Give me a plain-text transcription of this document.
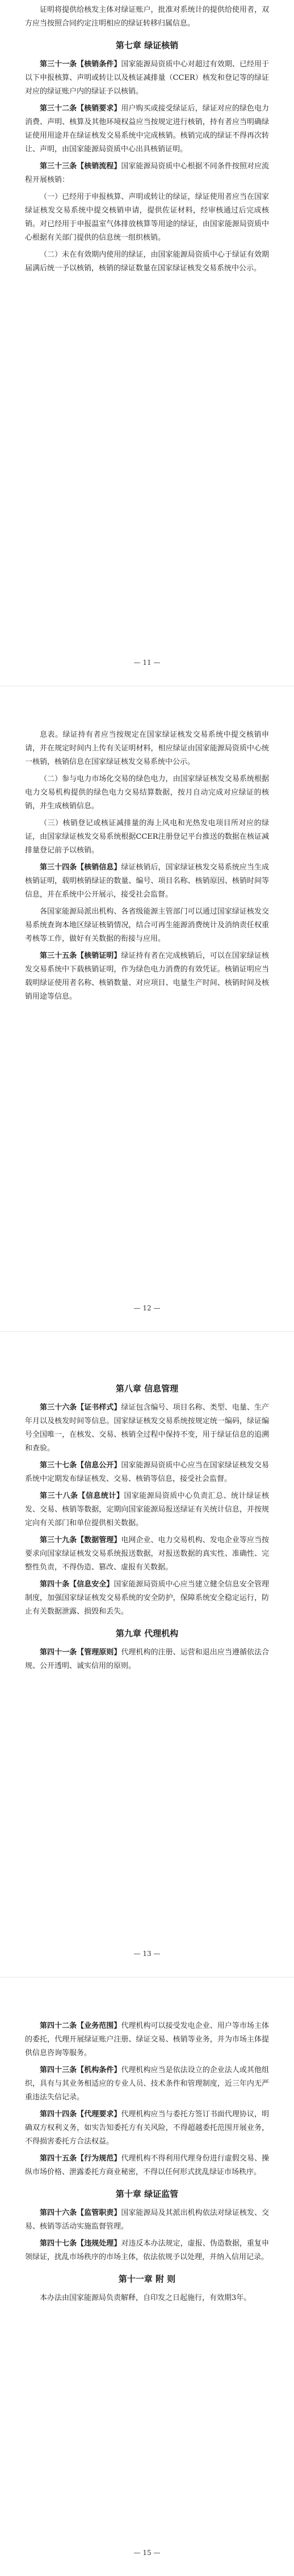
证明将提供给核发主体对绿证账户，批准对系统计的提供给使用者，双方应当按照合同约定注明相应的绿证转移归属信息。

第七章 绿证核销

第三十一条【核销条件】国家能源局资质中心对超过有效期、已经用于以下申报核算、声明或转让以及核证减排量（CCER）核发和登记等的绿证对应的绿证账户内的绿证予以核销。

第三十二条【核销要求】用户购买或接受绿证后，绿证对应的绿色电力消费、声明、核算及其他环境权益应当按规定进行核销，持有者应当明确绿证使用用途并在绿证核发交易系统中完成核销。核销完成的绿证不得再次转让、声明，由国家能源局资质中心出具核销证明。

第三十三条【核销流程】国家能源局资质中心根据不同条件按照对应流程开展核销：

（一）已经用于申报核算、声明或转让的绿证，绿证使用者应当在国家绿证核发交易系统中提交核销申请，提供佐证材料，经审核通过后完成核销。对已经用于申报温室气体排放核算等用途的绿证，由国家能源局资质中心根据有关部门提供的信息统一组织核销。

（二）未在有效期内使用的绿证，由国家能源局资质中心于绿证有效期届满后统一予以核销，核销的绿证数量在国家绿证核发交易系统中公示。

— 11 —

息表。绿证持有者应当按规定在国家绿证核发交易系统中提交核销申请，并在规定时间内上传有关证明材料，相应绿证由国家能源局资质中心统一核销，核销信息在国家绿证核发交易系统中公示。

（二）参与电力市场化交易的绿色电力，由国家绿证核发交易系统根据电力交易机构提供的绿色电力交易结算数据，按月自动完成对应绿证的核销，并生成核销信息。

（三）核销登记或核证减排量的海上风电和光热发电项目所对应的绿证，由国家绿证核发交易系统根据CCER注册登记平台推送的数据在核证减排量登记前予以核销。

第三十四条【核销信息】绿证核销后，国家绿证核发交易系统应当生成核销证明，载明核销绿证的数量、编号、项目名称、核销原因、核销时间等信息，并在系统中公开展示，接受社会监督。

各国家能源局派出机构、各省级能源主管部门可以通过国家绿证核发交易系统查询本地区绿证核销情况，结合可再生能源消费统计及消纳责任权重考核等工作，做好有关数据的衔接与应用。

第三十五条【核销证明】绿证持有者在完成核销后，可以在国家绿证核发交易系统中下载核销证明，作为绿色电力消费的有效凭证。核销证明应当载明绿证使用者名称、核销数量、对应项目、电量生产时间、核销时间及核销用途等信息。

— 12 —
第八章 信息管理

第三十六条【证书样式】绿证包含编号、项目名称、类型、电量、生产年月以及核发时间等信息。国家绿证核发交易系统按规定统一编码，绿证编号全国唯一，在核发、交易、核销全过程中保持不变，用于绿证信息的追溯和查验。

第三十七条【信息公开】国家能源局资质中心应当在国家绿证核发交易系统中定期发布绿证核发、交易、核销等信息，接受社会监督。

第三十八条【信息统计】国家能源局资质中心负责汇总、统计绿证核发、交易、核销等数据，定期向国家能源局报送绿证有关统计信息，并按规定向有关部门和单位提供相关数据。

第三十九条【数据管理】电网企业、电力交易机构、发电企业等应当按要求向国家绿证核发交易系统报送数据，对报送数据的真实性、准确性、完整性负责，不得伪造、篡改、虚报有关数据。

第四十条【信息安全】国家能源局资质中心应当建立健全信息安全管理制度，加强国家绿证核发交易系统的安全防护，保障系统安全稳定运行，防止有关数据泄露、损毁和丢失。

第九章 代理机构

第四十一条【管理原则】代理机构的注册、运营和退出应当遵循依法合规、公开透明、诚实信用的原则。

— 13 —

第四十二条【业务范围】代理机构可以接受发电企业、用户等市场主体的委托，代理开展绿证账户注册、绿证交易、核销等业务，并为市场主体提供信息咨询等服务。

第四十三条【机构条件】代理机构应当是依法设立的企业法人或其他组织，具有与其业务相适应的专业人员、技术条件和管理制度，近三年内无严重违法失信记录。

第四十四条【代理要求】代理机构应当与委托方签订书面代理协议，明确双方权利义务，如实告知委托方有关风险，不得超越委托范围开展业务，不得损害委托方合法权益。

第四十五条【行为规范】代理机构不得利用代理身份进行虚假交易、操纵市场价格、泄露委托方商业秘密，不得以任何形式扰乱绿证市场秩序。

第十章 绿证监管

第四十六条【监管职责】国家能源局及其派出机构依法对绿证核发、交易、核销等活动实施监督管理。

第四十七条【违规处理】对违反本办法规定，虚报、伪造数据，重复申领绿证，扰乱市场秩序的市场主体，依法依规予以处理，并纳入信用记录。

第十一章 附 则

本办法由国家能源局负责解释，自印发之日起施行，有效期3年。

— 15 —
